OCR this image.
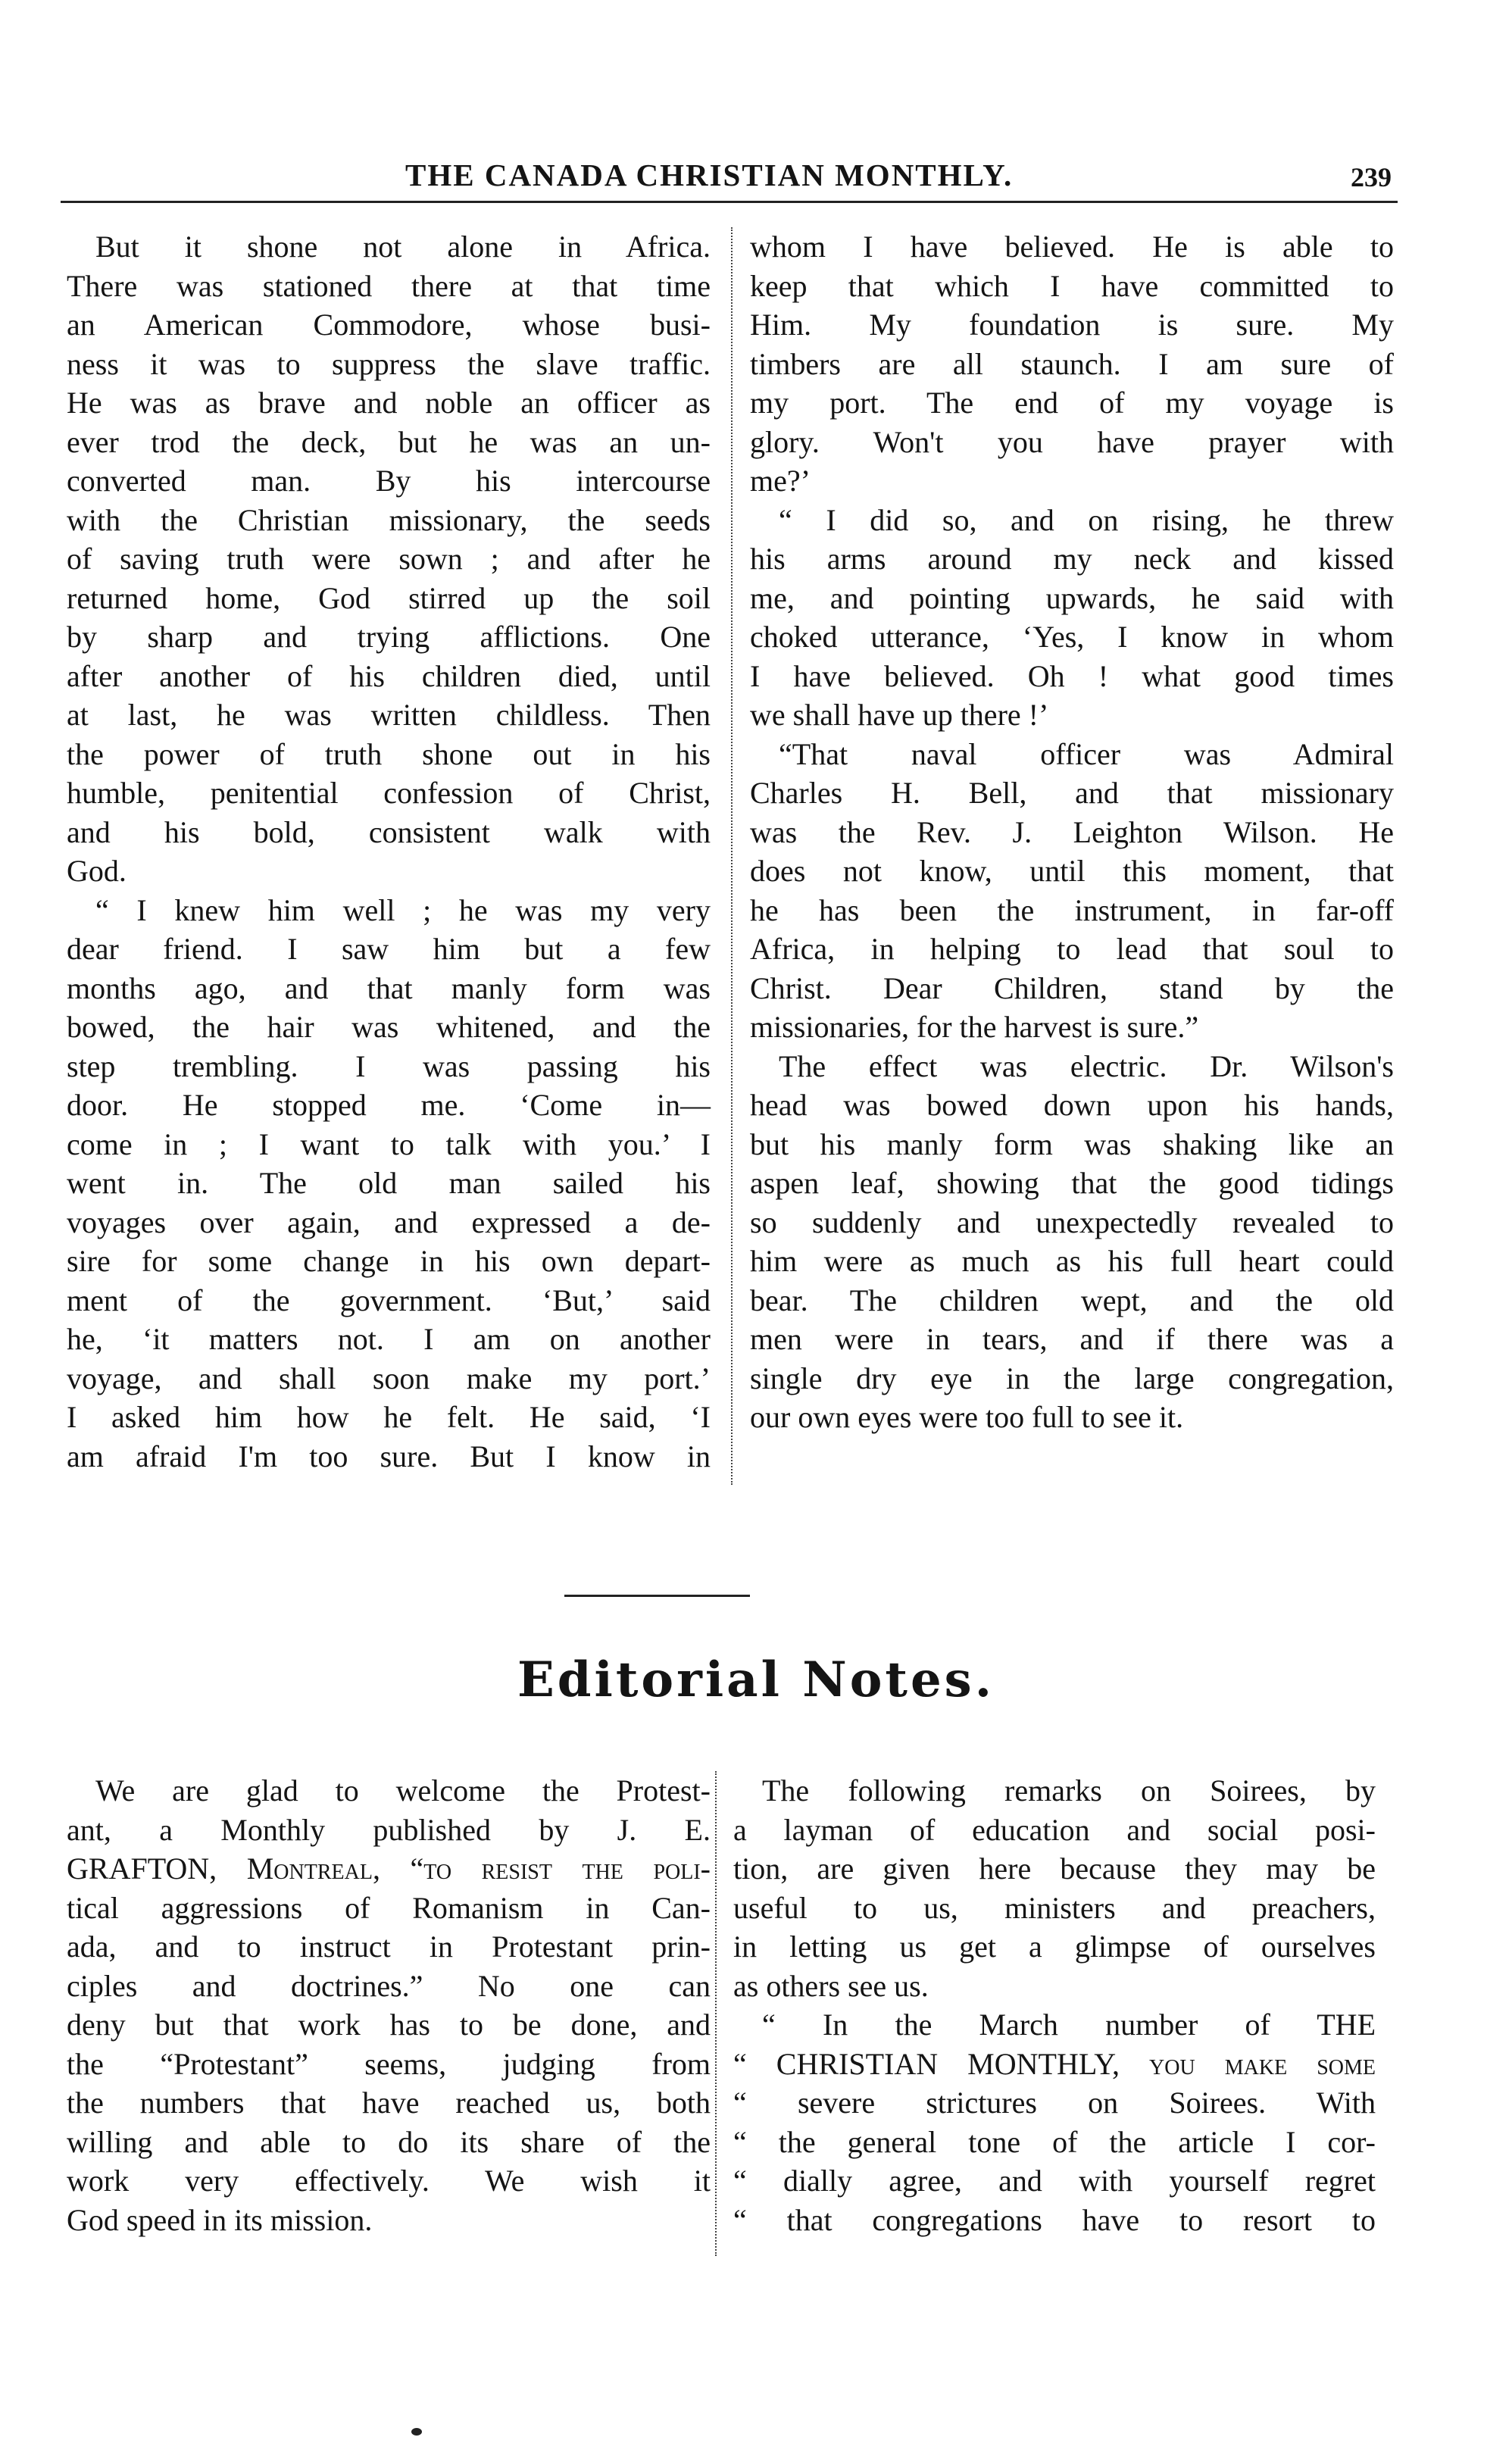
THE CANADA CHRISTIAN MONTHLY.	239

But it shone not alone in Africa.
There was stationed there at that time
an American Commodore, whose busi-
ness it was to suppress the slave traffic.
He was as brave and noble an officer as
ever trod the deck, but he was an un-
converted man. By his intercourse
with the Christian missionary, the seeds
of saving truth were sown ; and after he
returned home, God stirred up the soil
by sharp and trying afflictions. One
after another of his children died, until
at last, he was written childless. Then
the power of truth shone out in his
humble, penitential confession of Christ,
and his bold, consistent walk with
God.

“ I knew him well ; he was my very
dear friend. I saw him but a few
months ago, and that manly form was
bowed, the hair was whitened, and the
step trembling. I was passing his
door. He stopped me. ‘Come in—
come in ; I want to talk with you.’ I
went in. The old man sailed his
voyages over again, and expressed a de-
sire for some change in his own depart-
ment of the government. ‘But,’ said
he, ‘it matters not. I am on another
voyage, and shall soon make my port.’
I asked him how he felt. He said, ‘I
am afraid I'm too sure. But I know in

whom I have believed. He is able to
keep that which I have committed to
Him. My foundation is sure. My
timbers are all staunch. I am sure of
my port. The end of my voyage is
glory. Won't you have prayer with
me?’

“ I did so, and on rising, he threw
his arms around my neck and kissed
me, and pointing upwards, he said with
choked utterance, ‘Yes, I know in whom
I have believed. Oh ! what good times
we shall have up there !’

“That naval officer was Admiral
Charles H. Bell, and that missionary
was the Rev. J. Leighton Wilson. He
does not know, until this moment, that
he has been the instrument, in far-off
Africa, in helping to lead that soul to
Christ. Dear Children, stand by the
missionaries, for the harvest is sure.”

The effect was electric. Dr. Wilson's
head was bowed down upon his hands,
but his manly form was shaking like an
aspen leaf, showing that the good tidings
so suddenly and unexpectedly revealed to
him were as much as his full heart could
bear. The children wept, and the old
men were in tears, and if there was a
single dry eye in the large congregation,
our own eyes were too full to see it.

Editorial Notes.

We are glad to welcome the Protest-
ant, a Monthly published by J. E.
GRAFTON, Montreal, “to resist the poli-
tical aggressions of Romanism in Can-
ada, and to instruct in Protestant prin-
ciples and doctrines.” No one can
deny but that work has to be done, and
the “Protestant” seems, judging from
the numbers that have reached us, both
willing and able to do its share of the
work very effectively. We wish it
God speed in its mission.

The following remarks on Soirees, by
a layman of education and social posi-
tion, are given here because they may be
useful to us, ministers and preachers,
in letting us get a glimpse of ourselves
as others see us.

“ In the March number of THE
“ CHRISTIAN MONTHLY, you make some
“ severe strictures on Soirees. With
“ the general tone of the article I cor-
“ dially agree, and with yourself regret
“ that congregations have to resort to
